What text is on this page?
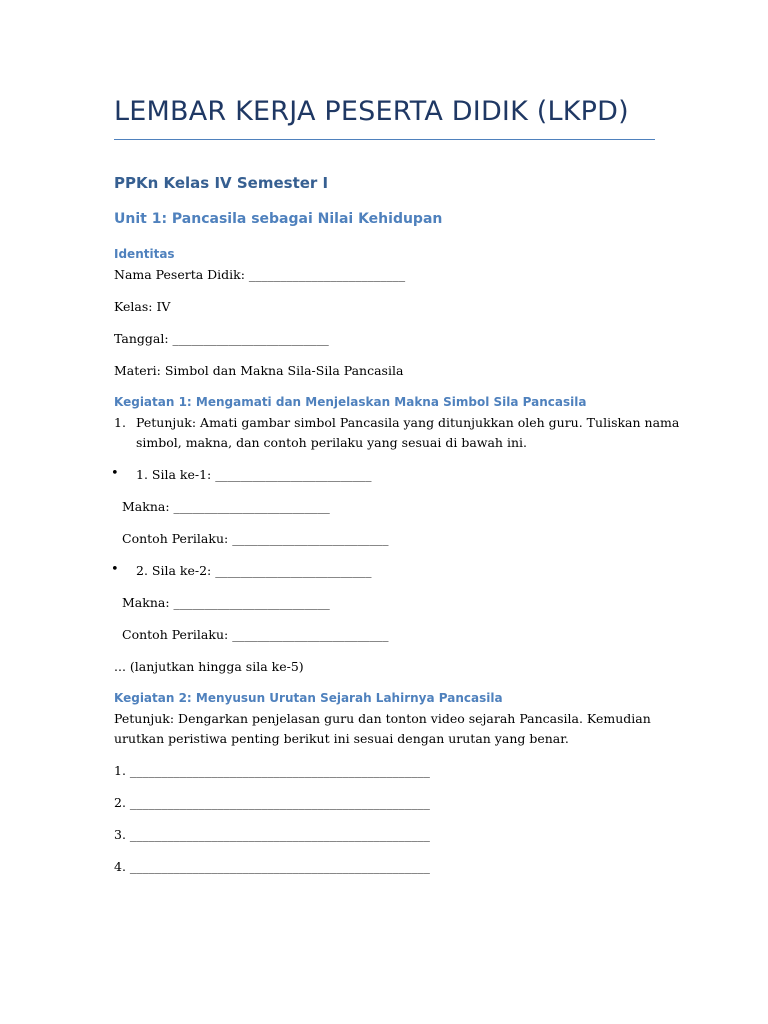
LEMBAR KERJA PESERTA DIDIK (LKPD)
PPKn Kelas IV Semester I
Unit 1: Pancasila sebagai Nilai Kehidupan
Identitas
Nama Peserta Didik: _________________________
Kelas: IV
Tanggal: _________________________
Materi: Simbol dan Makna Sila-Sila Pancasila
Kegiatan 1: Mengamati dan Menjelaskan Makna Simbol Sila Pancasila
1. Petunjuk: Amati gambar simbol Pancasila yang ditunjukkan oleh guru. Tuliskan nama
simbol, makna, dan contoh perilaku yang sesuai di bawah ini.
• 1. Sila ke-1: _________________________
Makna: _________________________
Contoh Perilaku: _________________________
• 2. Sila ke-2: _________________________
Makna: _________________________
Contoh Perilaku: _________________________
... (lanjutkan hingga sila ke-5)
Kegiatan 2: Menyusun Urutan Sejarah Lahirnya Pancasila
Petunjuk: Dengarkan penjelasan guru dan tonton video sejarah Pancasila. Kemudian
urutkan peristiwa penting berikut ini sesuai dengan urutan yang benar.
1. ________________________________________________
2. ________________________________________________
3. ________________________________________________
4. ________________________________________________
